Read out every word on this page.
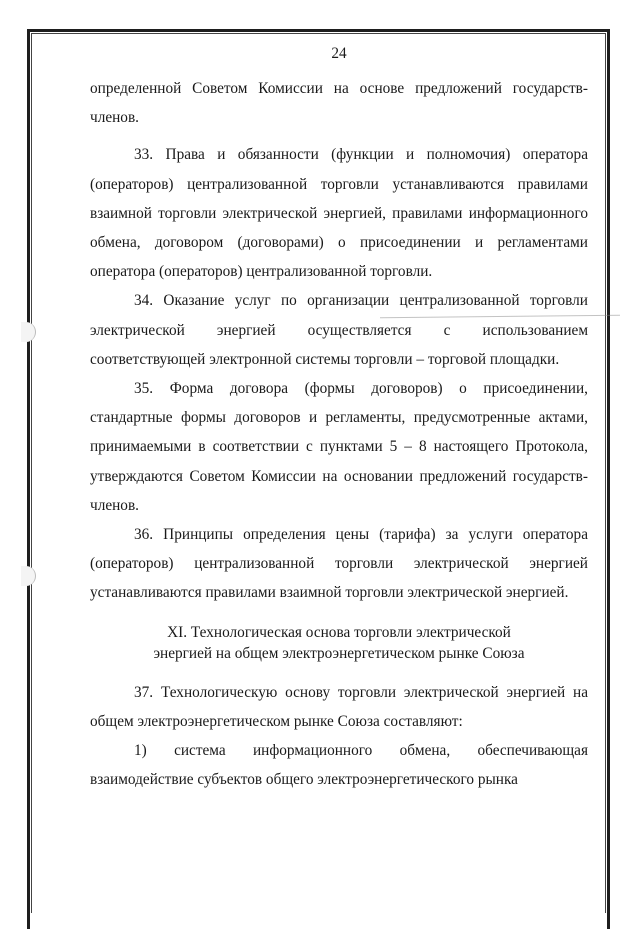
24

определенной Советом Комиссии на основе предложений государств-членов.

33. Права и обязанности (функции и полномочия) оператора (операторов) централизованной торговли устанавливаются правилами взаимной торговли электрической энергией, правилами информационного обмена, договором (договорами) о присоединении и регламентами оператора (операторов) централизованной торговли.

34. Оказание услуг по организации централизованной торговли электрической энергией осуществляется с использованием соответствующей электронной системы торговли – торговой площадки.

35. Форма договора (формы договоров) о присоединении, стандартные формы договоров и регламенты, предусмотренные актами, принимаемыми в соответствии с пунктами 5 – 8 настоящего Протокола, утверждаются Советом Комиссии на основании предложений государств-членов.

36. Принципы определения цены (тарифа) за услуги оператора (операторов) централизованной торговли электрической энергией устанавливаются правилами взаимной торговли электрической энергией.

XI. Технологическая основа торговли электрической
энергией на общем электроэнергетическом рынке Союза

37. Технологическую основу торговли электрической энергией на общем электроэнергетическом рынке Союза составляют:

1) система информационного обмена, обеспечивающая взаимодействие субъектов общего электроэнергетического рынка
